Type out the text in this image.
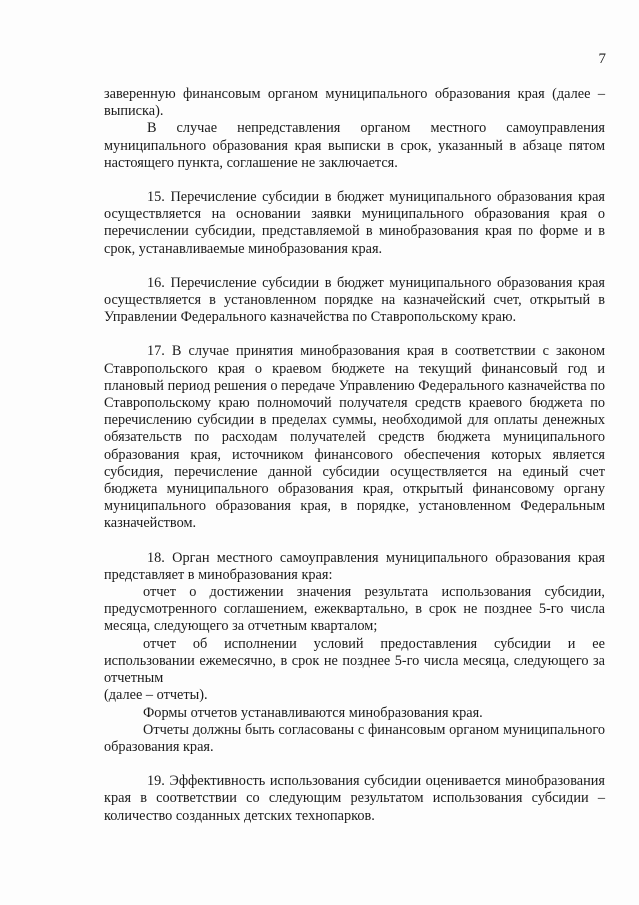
7

заверенную финансовым органом муниципального образования края (далее – выписка).

В случае непредставления органом местного самоуправления муниципального образования края выписки в срок, указанный в абзаце пятом настоящего пункта, соглашение не заключается.

15. Перечисление субсидии в бюджет муниципального образования края осуществляется на основании заявки муниципального образования края о перечислении субсидии, представляемой в минобразования края по форме и в срок, устанавливаемые минобразования края.

16. Перечисление субсидии в бюджет муниципального образования края осуществляется в установленном порядке на казначейский счет, открытый в Управлении Федерального казначейства по Ставропольскому краю.

17. В случае принятия минобразования края в соответствии с законом Ставропольского края о краевом бюджете на текущий финансовый год и плановый период решения о передаче Управлению Федерального казначейства по Ставропольскому краю полномочий получателя средств краевого бюджета по перечислению субсидии в пределах суммы, необходимой для оплаты денежных обязательств по расходам получателей средств бюджета муниципального образования края, источником финансового обеспечения которых является субсидия, перечисление данной субсидии осуществляется на единый счет бюджета муниципального образования края, открытый финансовому органу муниципального образования края, в порядке, установленном Федеральным казначейством.

18. Орган местного самоуправления муниципального образования края представляет в минобразования края:

отчет о достижении значения результата использования субсидии, предусмотренного соглашением, ежеквартально, в срок не позднее 5-го числа месяца, следующего за отчетным кварталом;

отчет об исполнении условий предоставления субсидии и ее использовании ежемесячно, в срок не позднее 5-го числа месяца, следующего за отчетным

(далее – отчеты).

Формы отчетов устанавливаются минобразования края.

Отчеты должны быть согласованы с финансовым органом муниципального образования края.

19. Эффективность использования субсидии оценивается минобразования края в соответствии со следующим результатом использования субсидии – количество созданных детских технопарков.
